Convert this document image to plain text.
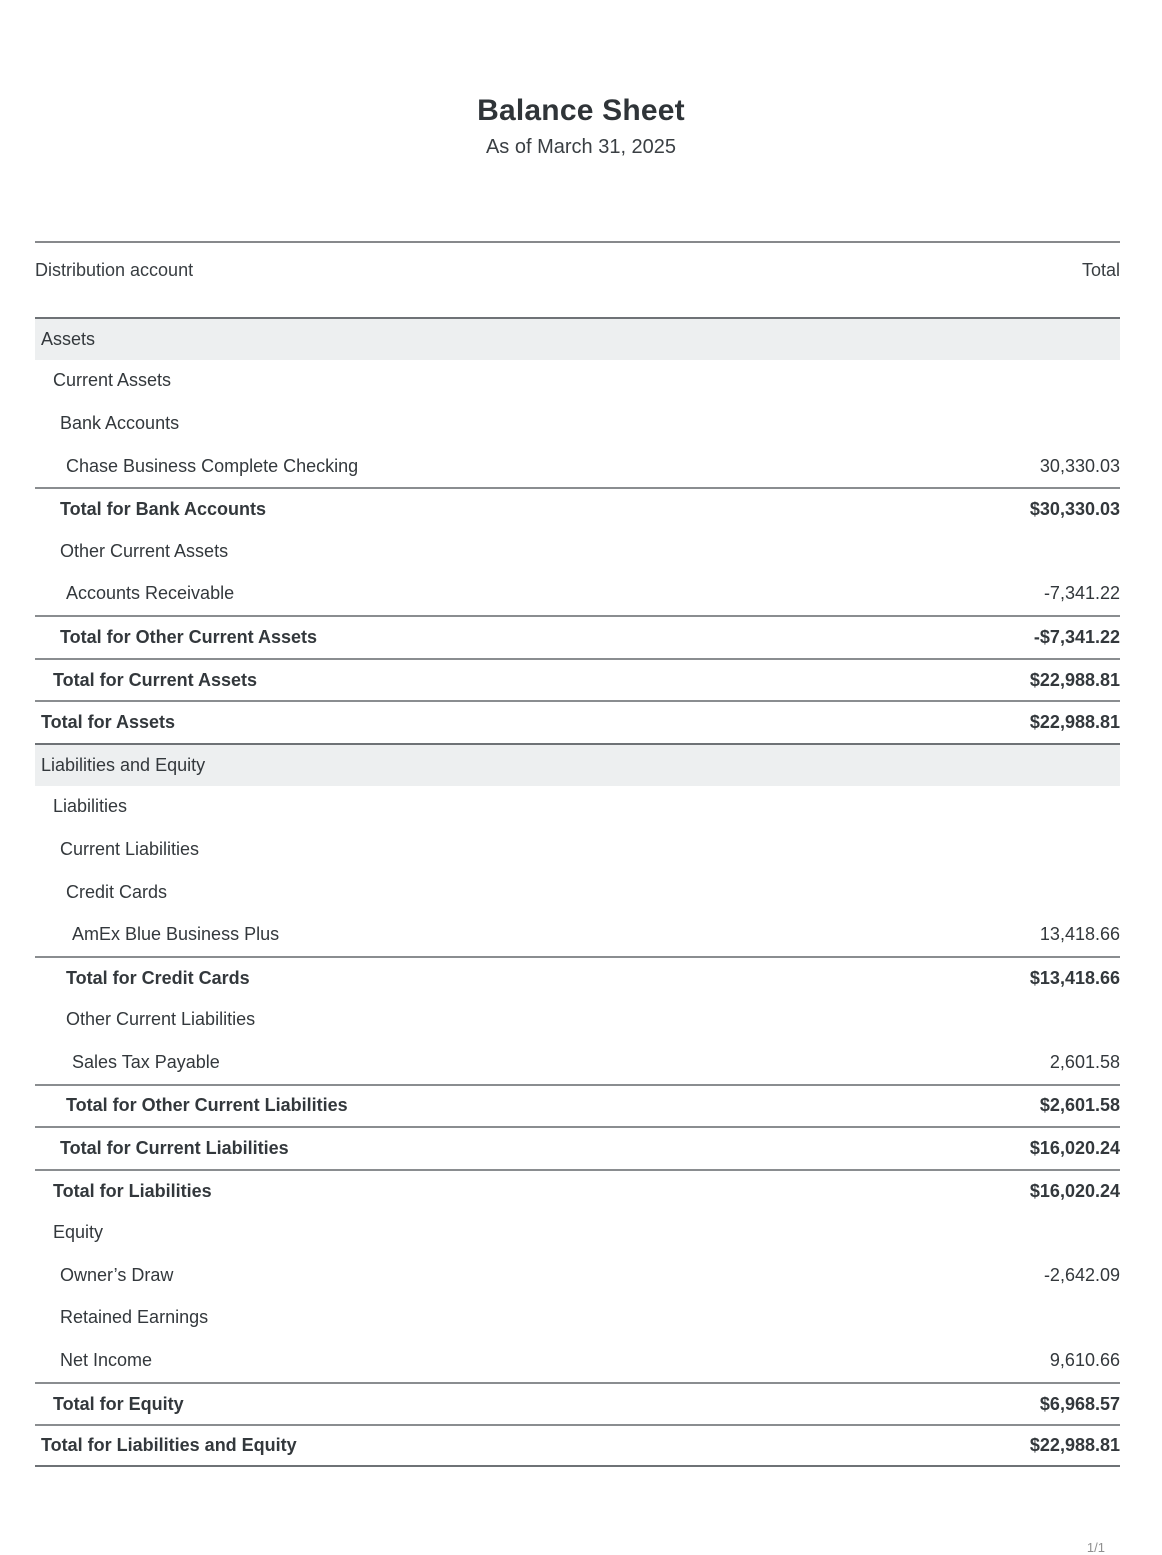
Balance Sheet
As of March 31, 2025
Distribution account	Total
Assets
Current Assets
Bank Accounts
Chase Business Complete Checking	30,330.03
Total for Bank Accounts	$30,330.03
Other Current Assets
Accounts Receivable	-7,341.22
Total for Other Current Assets	-$7,341.22
Total for Current Assets	$22,988.81
Total for Assets	$22,988.81
Liabilities and Equity
Liabilities
Current Liabilities
Credit Cards
AmEx Blue Business Plus	13,418.66
Total for Credit Cards	$13,418.66
Other Current Liabilities
Sales Tax Payable	2,601.58
Total for Other Current Liabilities	$2,601.58
Total for Current Liabilities	$16,020.24
Total for Liabilities	$16,020.24
Equity
Owner’s Draw	-2,642.09
Retained Earnings
Net Income	9,610.66
Total for Equity	$6,968.57
Total for Liabilities and Equity	$22,988.81
1/1
